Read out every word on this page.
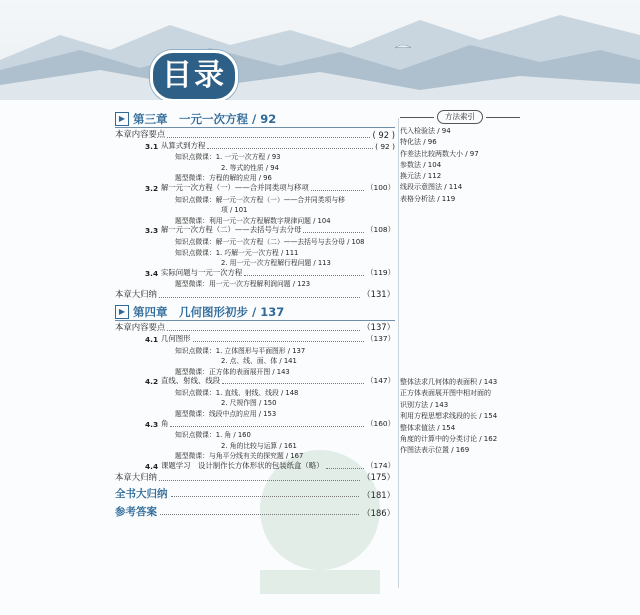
目录
▶ 第三章　一元一次方程 / 92
本章内容要点	( 92 )
3.1 从算式到方程	( 92 )
知识点微课：1. 一元一次方程 / 93
2. 等式的性质 / 94
题型微课：方程的解的应用 / 96
3.2 解一元一次方程（一）——合并同类项与移项	（100）
知识点微课：解一元一次方程（一）——合并同类项与移
项 / 101
题型微课：利用一元一次方程解数字规律问题 / 104
3.3 解一元一次方程（二）——去括号与去分母	（108）
知识点微课：解一元一次方程（二）——去括号与去分母 / 108
知识点微课：1. 巧解一元一次方程 / 111
2. 用一元一次方程解行程问题 / 113
3.4 实际问题与一元一次方程	（119）
题型微课：用一元一次方程解利润问题 / 123
本章大归纳	（131）
▶ 第四章　几何图形初步 / 137
本章内容要点	（137）
4.1 几何图形	（137）
知识点微课：1. 立体图形与平面图形 / 137
2. 点、线、面、体 / 141
题型微课：正方体的表面展开图 / 143
4.2 直线、射线、线段	（147）
知识点微课：1. 直线、射线、线段 / 148
2. 尺规作图 / 150
题型微课：线段中点的应用 / 153
4.3 角	（160）
知识点微课：1. 角 / 160
2. 角的比较与运算 / 161
题型微课：与角平分线有关的探究题 / 167
4.4 课题学习　设计制作长方体形状的包装纸盒（略）	（174）
本章大归纳	（175）
全书大归纳	（181）
参考答案	（186）
方法索引
代入检验法 / 94
特化法 / 96
作差法比较两数大小 / 97
参数法 / 104
换元法 / 112
线段示意图法 / 114
表格分析法 / 119
整体法求几何体的表面积 / 143
正方体表面展开图中相对面的
识别方法 / 143
利用方程思想求线段的长 / 154
整体求值法 / 154
角度的计算中的分类讨论 / 162
作图法表示位置 / 169
